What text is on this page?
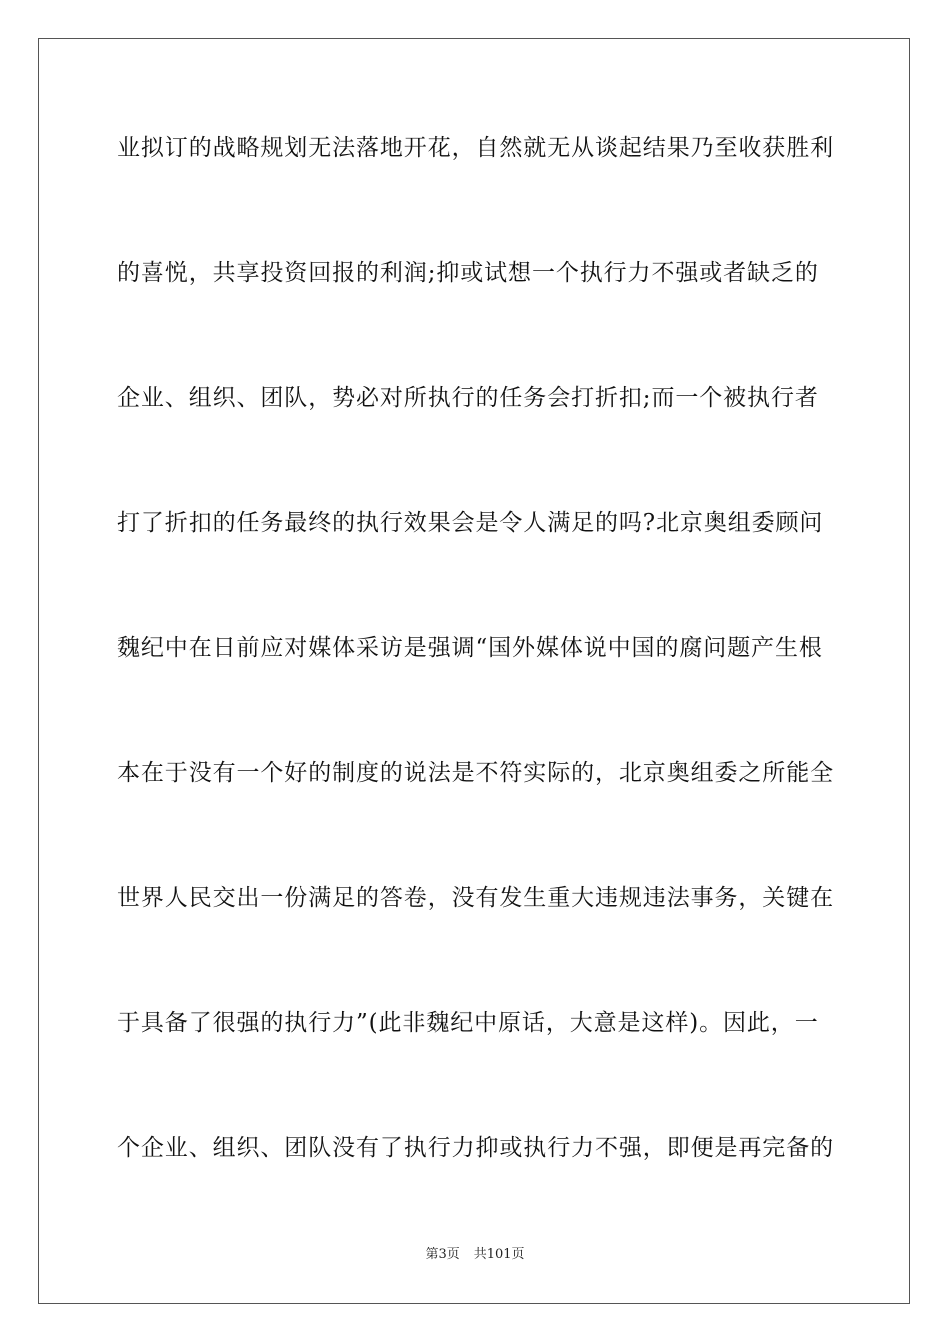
业拟订的战略规划无法落地开花，自然就无从谈起结果乃至收获胜利

的喜悦，共享投资回报的利润;抑或试想一个执行力不强或者缺乏的

企业、组织、团队，势必对所执行的任务会打折扣;而一个被执行者

打了折扣的任务最终的执行效果会是令人满足的吗?北京奥组委顾问

魏纪中在日前应对媒体采访是强调“国外媒体说中国的腐问题产生根

本在于没有一个好的制度的说法是不符实际的，北京奥组委之所能全

世界人民交出一份满足的答卷，没有发生重大违规违法事务，关键在

于具备了很强的执行力”(此非魏纪中原话，大意是这样)。因此，一

个企业、组织、团队没有了执行力抑或执行力不强，即便是再完备的

第3页 共101页
